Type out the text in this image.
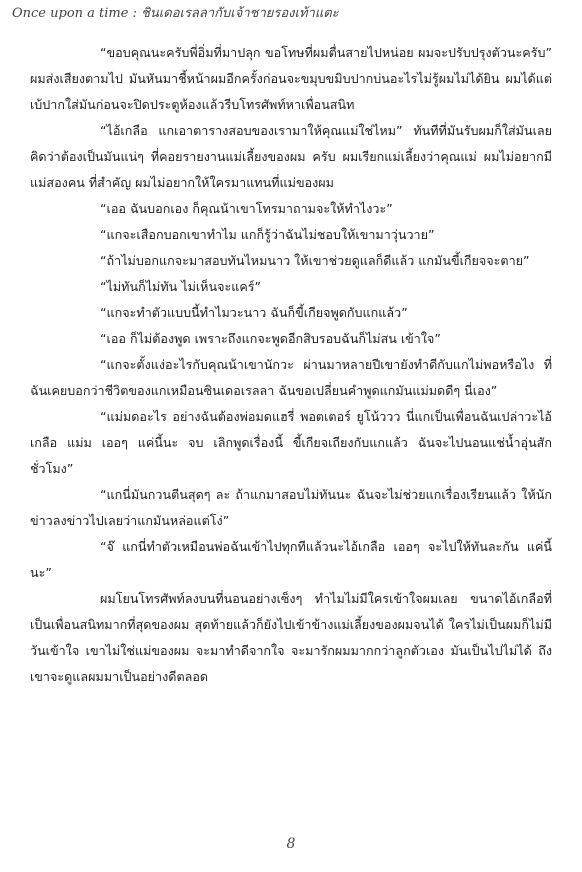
Once upon a time : ชินเดอเรลลากับเจ้าชายรองเท้าแตะ

“ขอบคุณนะครับพี่อิ่มที่มาปลุก ขอโทษที่ผมตื่นสายไปหน่อย ผมจะปรับปรุงตัวนะครับ” ผมส่งเสียงตามไป มันหันมาชี้หน้าผมอีกครั้งก่อนจะขมุบขมิบปากบ่นอะไรไม่รู้ผมไม่ได้ยิน ผมได้แต่เบ้ปากใส่มันก่อนจะปิดประตูห้องแล้วรีบโทรศัพท์หาเพื่อนสนิท

“ไอ้เกลือ แกเอาตารางสอบของเรามาให้คุณแม่ใช่ไหม” ทันทีที่มันรับผมก็ใส่มันเลย คิดว่าต้องเป็นมันแน่ๆ ที่คอยรายงานแม่เลี้ยงของผม ครับ ผมเรียกแม่เลี้ยงว่าคุณแม่ ผมไม่อยากมีแม่สองคน ที่สำคัญ ผมไม่อยากให้ใครมาแทนที่แม่ของผม

“เออ ฉันบอกเอง ก็คุณน้าเขาโทรมาถามจะให้ทำไงวะ”

“แกจะเสือกบอกเขาทำไม แกก็รู้ว่าฉันไม่ชอบให้เขามาวุ่นวาย”

“ถ้าไม่บอกแกจะมาสอบทันไหมนาว ให้เขาช่วยดูแลก็ดีแล้ว แกมันขี้เกียจจะตาย”

“ไม่ทันก็ไม่ทัน ไม่เห็นจะแคร์”

“แกจะทำตัวแบบนี้ทำไมวะนาว ฉันก็ขี้เกียจพูดกับแกแล้ว”

“เออ ก็ไม่ต้องพูด เพราะถึงแกจะพูดอีกสิบรอบฉันก็ไม่สน เข้าใจ”

“แกจะตั้งแง่อะไรกับคุณน้าเขานักวะ ผ่านมาหลายปีเขายังทำดีกับแกไม่พอหรือไง ที่ฉันเคยบอกว่าชีวิตของแกเหมือนซินเดอเรลลา ฉันขอเปลี่ยนคำพูดแกมันแม่มดดีๆ นี่เอง”

“แม่มดอะไร อย่างฉันต้องพ่อมดแฮรี่ พอตเตอร์ ยูโน้ววว นี่แกเป็นเพื่อนฉันเปล่าวะไอ้เกลือ แม่ม เออๆ แค่นี้นะ จบ เลิกพูดเรื่องนี้ ขี้เกียจเถียงกับแกแล้ว ฉันจะไปนอนแช่น้ำอุ่นสักชั่วโมง”

“แกนี่มันกวนตีนสุดๆ ละ ถ้าแกมาสอบไม่ทันนะ ฉันจะไม่ช่วยแกเรื่องเรียนแล้ว ให้นักข่าวลงข่าวไปเลยว่าแกมันหล่อแต่โง่”

“จ๊ แกนี่ทำตัวเหมือนพ่อฉันเข้าไปทุกทีแล้วนะไอ้เกลือ เออๆ จะไปให้ทันละกัน แค่นี้นะ”

ผมโยนโทรศัพท์ลงบนที่นอนอย่างเซ็งๆ ทำไมไม่มีใครเข้าใจผมเลย ขนาดไอ้เกลือที่เป็นเพื่อนสนิทมากที่สุดของผม สุดท้ายแล้วก็ยังไปเข้าข้างแม่เลี้ยงของผมจนได้ ใครไม่เป็นผมก็ไม่มีวันเข้าใจ เขาไม่ใช่แม่ของผม จะมาทำดีจากใจ จะมารักผมมากกว่าลูกตัวเอง มันเป็นไปไม่ได้ ถึงเขาจะดูแลผมมาเป็นอย่างดีตลอด

8
